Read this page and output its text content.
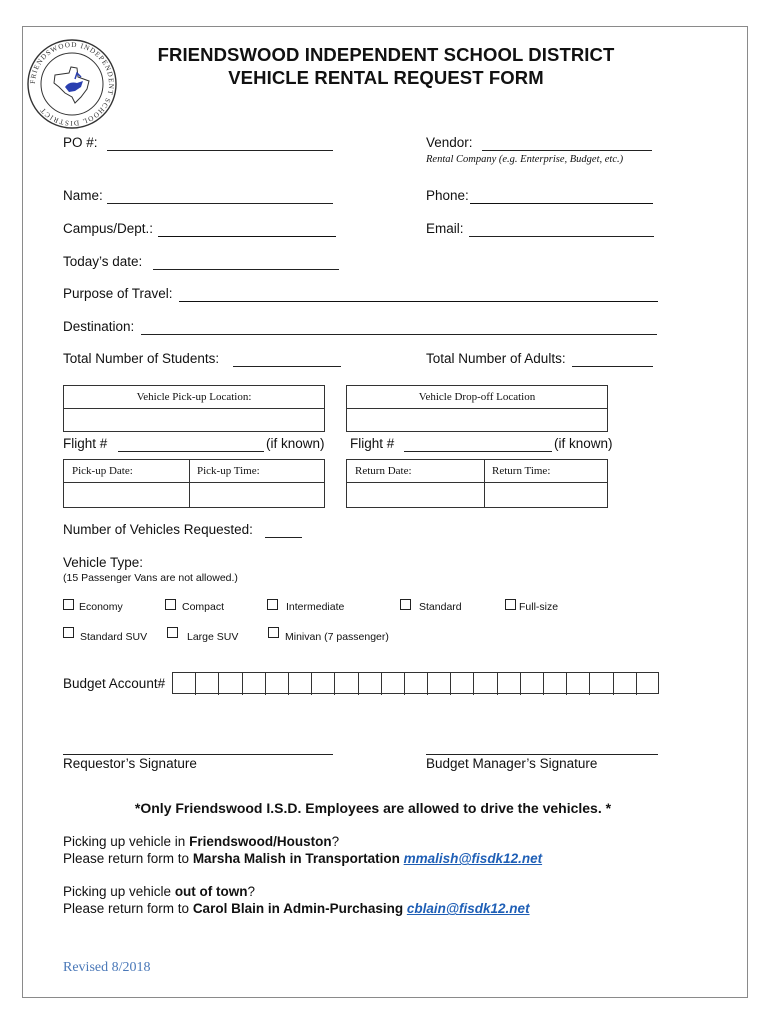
FRIENDSWOOD INDEPENDENT SCHOOL DISTRICT
FRIENDSWOOD INDEPENDENT SCHOOL DISTRICT
VEHICLE RENTAL REQUEST FORM
PO #:	Vendor:
Rental Company (e.g. Enterprise, Budget, etc.)
Name:	Phone:
Campus/Dept.:	Email:
Today’s date:
Purpose of Travel:
Destination:
Total Number of Students:	Total Number of Adults:
Vehicle Pick-up Location:	Vehicle Drop-off Location
Flight #	(if known) Flight #	(if known)
Pick-up Date:	Pick-up Time:	Return Date:	Return Time:
Number of Vehicles Requested:
Vehicle Type:
(15 Passenger Vans are not allowed.)
Economy	Compact	Intermediate	Standard	Full-size
Standard SUV	Large SUV	Minivan (7 passenger)
Budget Account#
Requestor’s Signature	Budget Manager’s Signature
*Only Friendswood I.S.D. Employees are allowed to drive the vehicles. *
Picking up vehicle in Friendswood/Houston?
Please return form to Marsha Malish in Transportation mmalish@fisdk12.net
Picking up vehicle out of town?
Please return form to Carol Blain in Admin-Purchasing cblain@fisdk12.net
Revised 8/2018
